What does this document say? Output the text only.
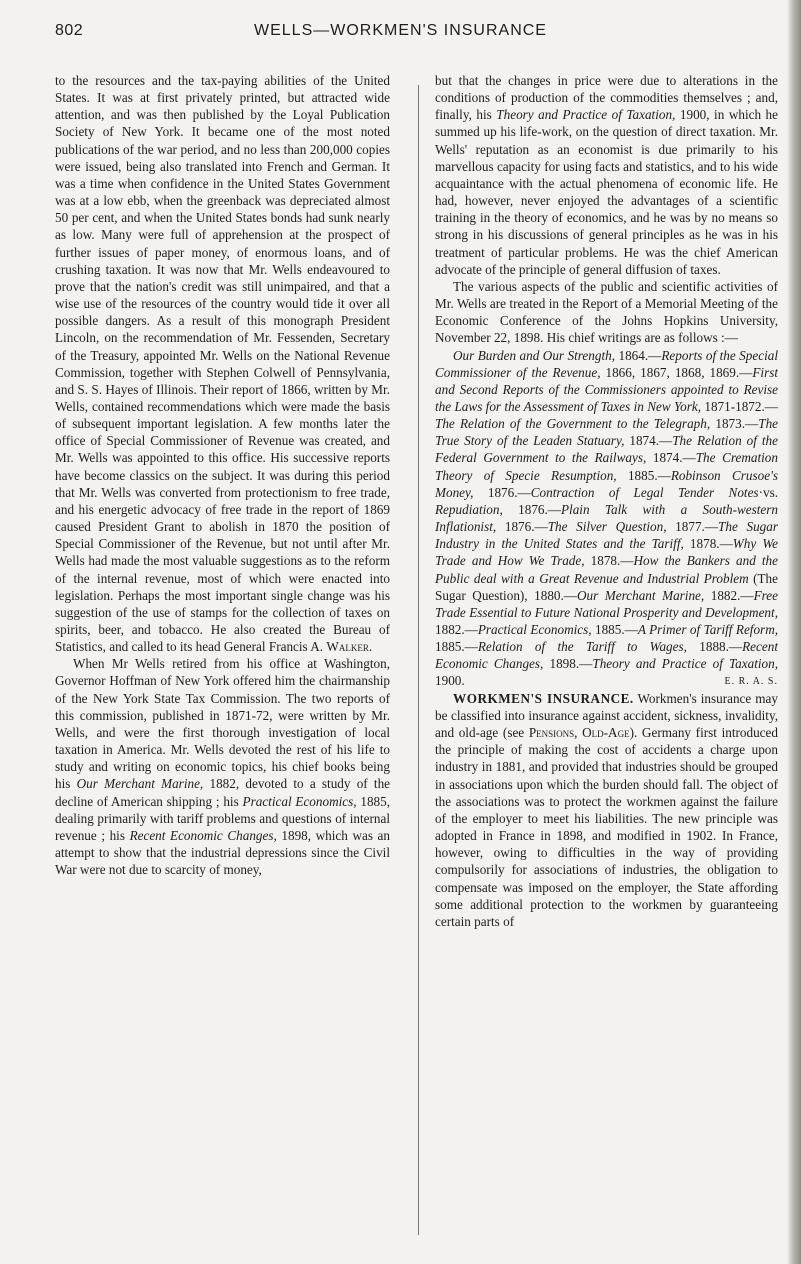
802	WELLS—WORKMEN'S INSURANCE

to the resources and the tax-paying abilities of the United States. It was at first privately printed, but attracted wide attention, and was then published by the Loyal Publication Society of New York. It became one of the most noted publications of the war period, and no less than 200,000 copies were issued, being also translated into French and German. It was a time when confidence in the United States Government was at a low ebb, when the greenback was depreciated almost 50 per cent, and when the United States bonds had sunk nearly as low. Many were full of apprehension at the prospect of further issues of paper money, of enormous loans, and of crushing taxation. It was now that Mr. Wells endeavoured to prove that the nation's credit was still unimpaired, and that a wise use of the resources of the country would tide it over all possible dangers. As a result of this monograph President Lincoln, on the recommendation of Mr. Fessenden, Secretary of the Treasury, appointed Mr. Wells on the National Revenue Commission, together with Stephen Colwell of Pennsylvania, and S. S. Hayes of Illinois. Their report of 1866, written by Mr. Wells, contained recommendations which were made the basis of subsequent important legislation. A few months later the office of Special Commissioner of Revenue was created, and Mr. Wells was appointed to this office. His successive reports have become classics on the subject. It was during this period that Mr. Wells was converted from protectionism to free trade, and his energetic advocacy of free trade in the report of 1869 caused President Grant to abolish in 1870 the position of Special Commissioner of the Revenue, but not until after Mr. Wells had made the most valuable suggestions as to the reform of the internal revenue, most of which were enacted into legislation. Perhaps the most important single change was his suggestion of the use of stamps for the collection of taxes on spirits, beer, and tobacco. He also created the Bureau of Statistics, and called to its head General Francis A. Walker.

When Mr Wells retired from his office at Washington, Governor Hoffman of New York offered him the chairmanship of the New York State Tax Commission. The two reports of this commission, published in 1871-72, were written by Mr. Wells, and were the first thorough investigation of local taxation in America. Mr. Wells devoted the rest of his life to study and writing on economic topics, his chief books being his Our Merchant Marine, 1882, devoted to a study of the decline of American shipping ; his Practical Economics, 1885, dealing primarily with tariff problems and questions of internal revenue ; his Recent Economic Changes, 1898, which was an attempt to show that the industrial depressions since the Civil War were not due to scarcity of money,

but that the changes in price were due to alterations in the conditions of production of the commodities themselves ; and, finally, his Theory and Practice of Taxation, 1900, in which he summed up his life-work, on the question of direct taxation. Mr. Wells' reputation as an economist is due primarily to his marvellous capacity for using facts and statistics, and to his wide acquaintance with the actual phenomena of economic life. He had, however, never enjoyed the advantages of a scientific training in the theory of economics, and he was by no means so strong in his discussions of general principles as he was in his treatment of particular problems. He was the chief American advocate of the principle of general diffusion of taxes.

The various aspects of the public and scientific activities of Mr. Wells are treated in the Report of a Memorial Meeting of the Economic Conference of the Johns Hopkins University, November 22, 1898. His chief writings are as follows :—

Our Burden and Our Strength, 1864.—Reports of the Special Commissioner of the Revenue, 1866, 1867, 1868, 1869.—First and Second Reports of the Commissioners appointed to Revise the Laws for the Assessment of Taxes in New York, 1871-1872.—The Relation of the Government to the Telegraph, 1873.—The True Story of the Leaden Statuary, 1874.—The Relation of the Federal Government to the Railways, 1874.—The Cremation Theory of Specie Resumption, 1885.—Robinson Crusoe's Money, 1876.—Contraction of Legal Tender Notes·vs. Repudiation, 1876.—Plain Talk with a South-western Inflationist, 1876.—The Silver Question, 1877.—The Sugar Industry in the United States and the Tariff, 1878.—Why We Trade and How We Trade, 1878.—How the Bankers and the Public deal with a Great Revenue and Industrial Problem (The Sugar Question), 1880.—Our Merchant Marine, 1882.—Free Trade Essential to Future National Prosperity and Development, 1882.—Practical Economics, 1885.—A Primer of Tariff Reform, 1885.—Relation of the Tariff to Wages, 1888.—Recent Economic Changes, 1898.—Theory and Practice of Taxation, 1900.	E. R. A. S.

WORKMEN'S INSURANCE. Workmen's insurance may be classified into insurance against accident, sickness, invalidity, and old-age (see Pensions, Old-Age). Germany first introduced the principle of making the cost of accidents a charge upon industry in 1881, and provided that industries should be grouped in associations upon which the burden should fall. The object of the associations was to protect the workmen against the failure of the employer to meet his liabilities. The new principle was adopted in France in 1898, and modified in 1902. In France, however, owing to difficulties in the way of providing compulsorily for associations of industries, the obligation to compensate was imposed on the employer, the State affording some additional protection to the workmen by guaranteeing certain parts of
